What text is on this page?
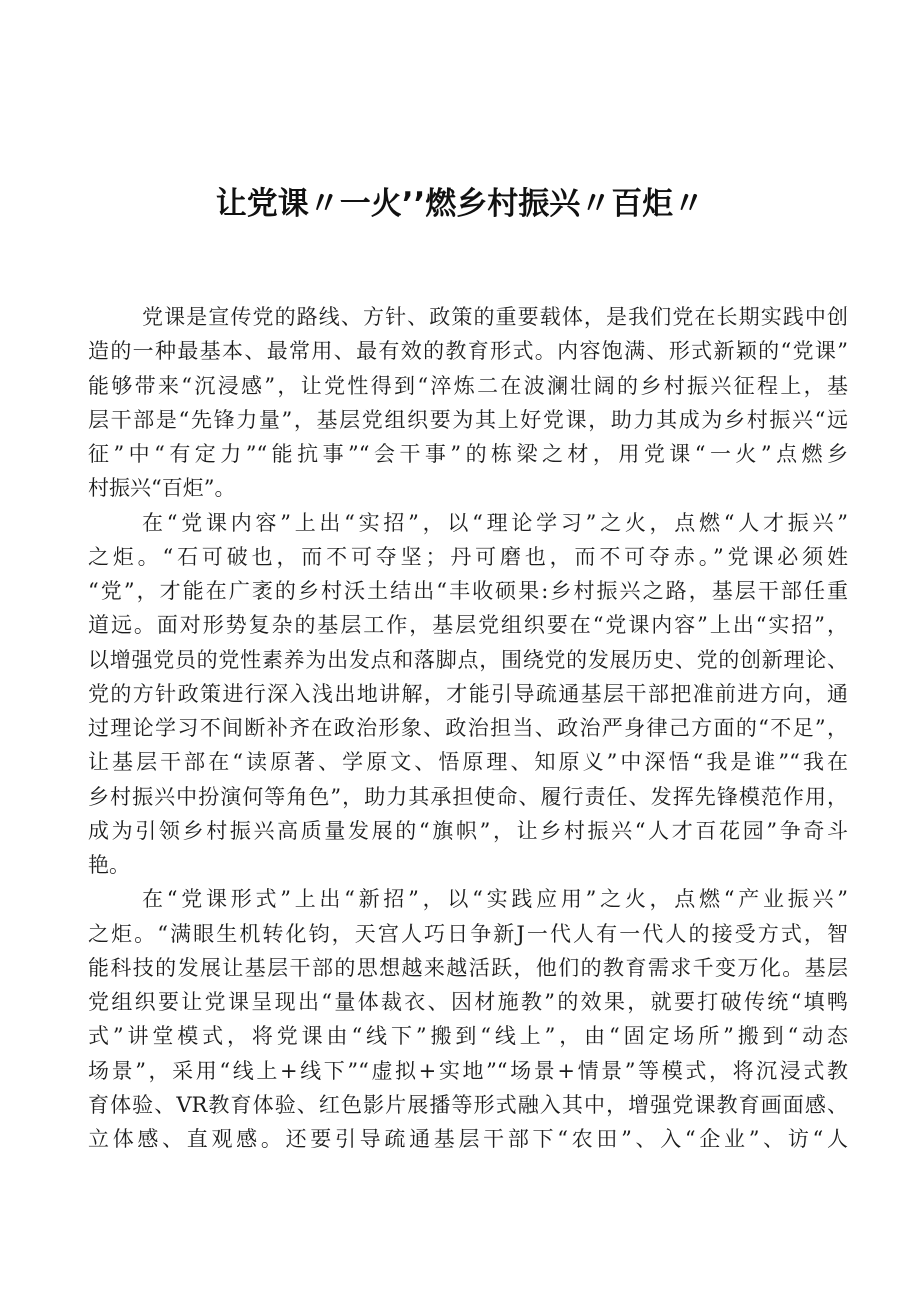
让党课〃一火’’燃乡村振兴〃百炬〃
党课是宣传党的路线、方针、政策的重要载体，是我们党在长期实践中创
造的一种最基本、最常用、最有效的教育形式。内容饱满、形式新颖的“党课”
能够带来“沉浸感”，让党性得到“淬炼二在波澜壮阔的乡村振兴征程上，基
层干部是“先锋力量”，基层党组织要为其上好党课，助力其成为乡村振兴“远
征”中“有定力”“能抗事”“会干事”的栋梁之材，用党课“一火”点燃乡
村振兴“百炬”。
在“党课内容”上出“实招”，以“理论学习”之火，点燃“人才振兴”
之炬。“石可破也，而不可夺坚；丹可磨也，而不可夺赤。”党课必须姓
“党”，才能在广袤的乡村沃土结出“丰收硕果:乡村振兴之路，基层干部任重
道远。面对形势复杂的基层工作，基层党组织要在“党课内容”上出“实招”，
以增强党员的党性素养为出发点和落脚点，围绕党的发展历史、党的创新理论、
党的方针政策进行深入浅出地讲解，才能引导疏通基层干部把准前进方向，通
过理论学习不间断补齐在政治形象、政治担当、政治严身律己方面的“不足”，
让基层干部在“读原著、学原文、悟原理、知原义”中深悟“我是谁”“我在
乡村振兴中扮演何等角色”，助力其承担使命、履行责任、发挥先锋模范作用，
成为引领乡村振兴高质量发展的“旗帜”，让乡村振兴“人才百花园”争奇斗
艳。
在“党课形式”上出“新招”，以“实践应用”之火，点燃“产业振兴”
之炬。“满眼生机转化钧，天宫人巧日争新J一代人有一代人的接受方式，智
能科技的发展让基层干部的思想越来越活跃，他们的教育需求千变万化。基层
党组织要让党课呈现出“量体裁衣、因材施教”的效果，就要打破传统“填鸭
式”讲堂模式，将党课由“线下”搬到“线上”，由“固定场所”搬到“动态
场景”，采用“线上+线下”“虚拟+实地”“场景+情景”等模式，将沉浸式教
育体验、VR教育体验、红色影片展播等形式融入其中，增强党课教育画面感、
立体感、直观感。还要引导疏通基层干部下“农田”、入“企业”、访“人
